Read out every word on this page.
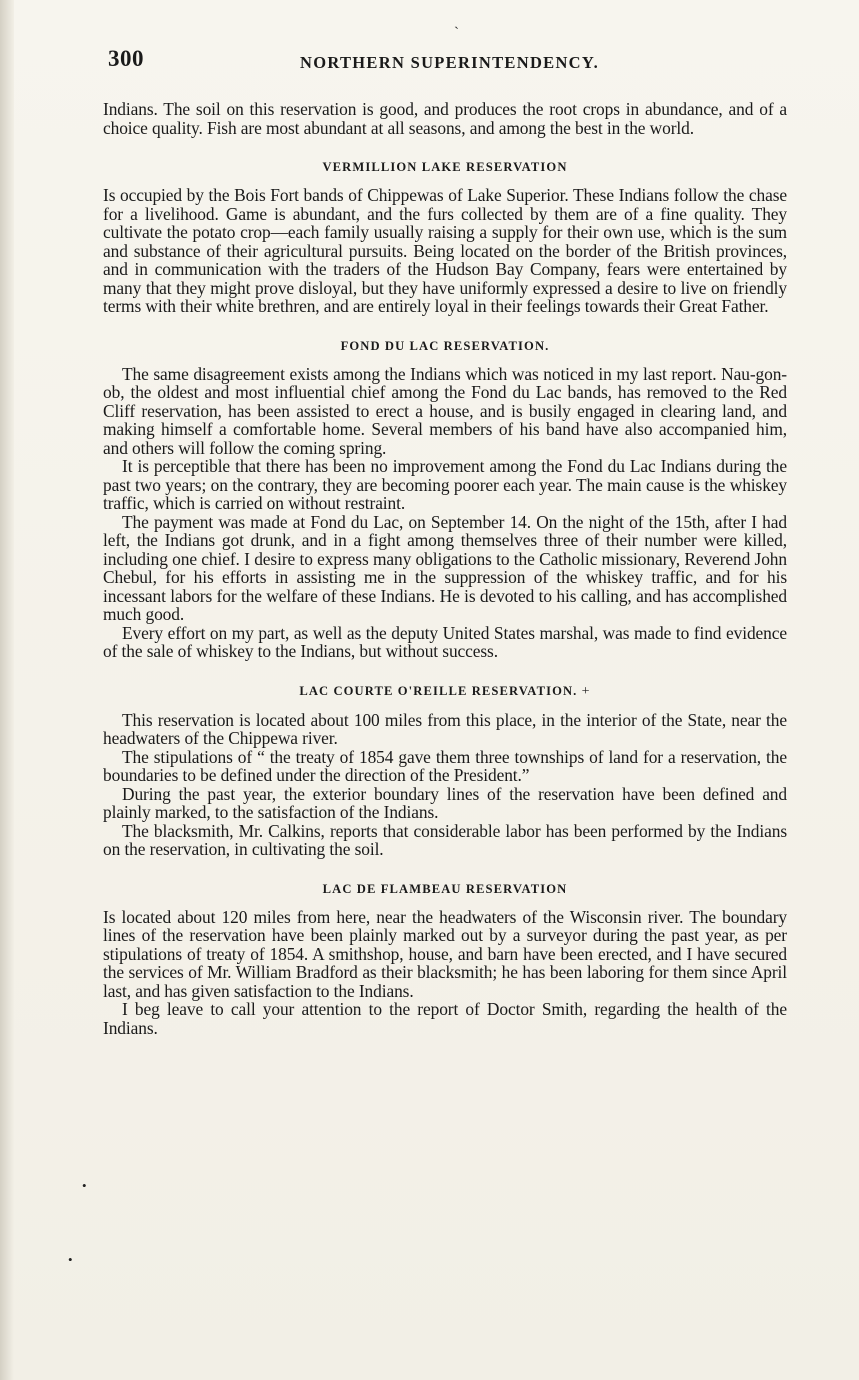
ˎ
300	NORTHERN SUPERINTENDENCY.

Indians. The soil on this reservation is good, and produces the root crops in abundance, and of a choice quality. Fish are most abundant at all seasons, and among the best in the world.

VERMILLION LAKE RESERVATION

Is occupied by the Bois Fort bands of Chippewas of Lake Superior. These Indians follow the chase for a livelihood. Game is abundant, and the furs collected by them are of a fine quality. They cultivate the potato crop—each family usually raising a supply for their own use, which is the sum and substance of their agricultural pursuits. Being located on the border of the British provinces, and in communication with the traders of the Hudson Bay Company, fears were entertained by many that they might prove disloyal, but they have uniformly expressed a desire to live on friendly terms with their white brethren, and are entirely loyal in their feelings towards their Great Father.

FOND DU LAC RESERVATION.

The same disagreement exists among the Indians which was noticed in my last report. Nau-gon-ob, the oldest and most influential chief among the Fond du Lac bands, has removed to the Red Cliff reservation, has been assisted to erect a house, and is busily engaged in clearing land, and making himself a comfortable home. Several members of his band have also accompanied him, and others will follow the coming spring.

It is perceptible that there has been no improvement among the Fond du Lac Indians during the past two years; on the contrary, they are becoming poorer each year. The main cause is the whiskey traffic, which is carried on without restraint.

The payment was made at Fond du Lac, on September 14. On the night of the 15th, after I had left, the Indians got drunk, and in a fight among themselves three of their number were killed, including one chief. I desire to express many obligations to the Catholic missionary, Reverend John Chebul, for his efforts in assisting me in the suppression of the whiskey traffic, and for his incessant labors for the welfare of these Indians. He is devoted to his calling, and has accomplished much good.

Every effort on my part, as well as the deputy United States marshal, was made to find evidence of the sale of whiskey to the Indians, but without success.

LAC COURTE O'REILLE RESERVATION. +

This reservation is located about 100 miles from this place, in the interior of the State, near the headwaters of the Chippewa river.

The stipulations of “ the treaty of 1854 gave them three townships of land for a reservation, the boundaries to be defined under the direction of the President.”

During the past year, the exterior boundary lines of the reservation have been defined and plainly marked, to the satisfaction of the Indians.

The blacksmith, Mr. Calkins, reports that considerable labor has been performed by the Indians on the reservation, in cultivating the soil.

LAC DE FLAMBEAU RESERVATION

Is located about 120 miles from here, near the headwaters of the Wisconsin river. The boundary lines of the reservation have been plainly marked out by a surveyor during the past year, as per stipulations of treaty of 1854. A smithshop, house, and barn have been erected, and I have secured the services of Mr. William Bradford as their blacksmith; he has been laboring for them since April last, and has given satisfaction to the Indians.

I beg leave to call your attention to the report of Doctor Smith, regarding the health of the Indians.

•
•
